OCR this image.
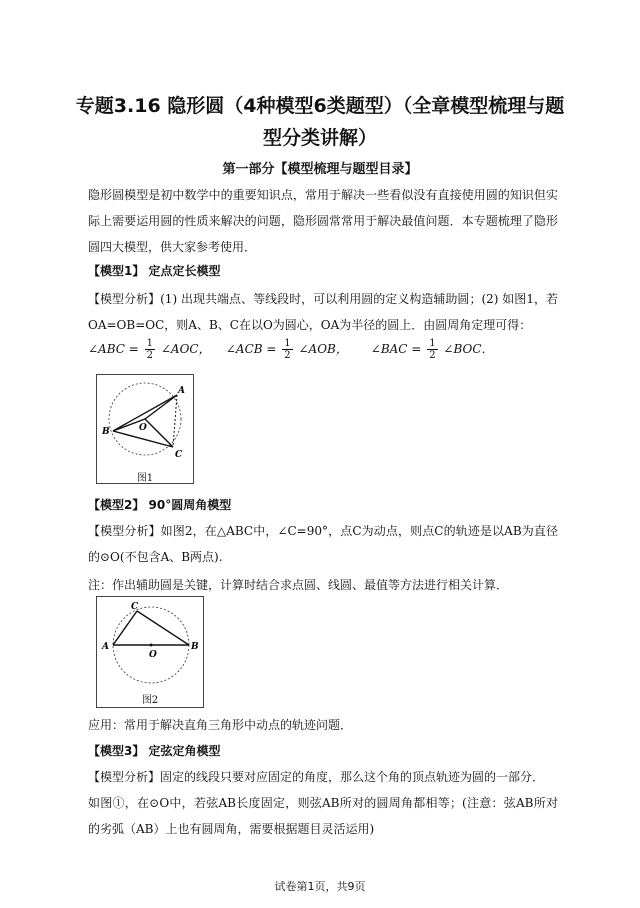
专题3.16 隐形圆（4种模型6类题型）（全章模型梳理与题
型分类讲解）
第一部分【模型梳理与题型目录】
隐形圆模型是初中数学中的重要知识点，常用于解决一些看似没有直接使用圆的知识但实际上需要运用圆的性质来解决的问题，隐形圆常常用于解决最值问题．本专题梳理了隐形圆四大模型，供大家参考使用．
【模型1】 定点定长模型
【模型分析】(1) 出现共端点、等线段时，可以利用圆的定义构造辅助圆；(2) 如图1，若OA=OB=OC，则A、B、C在以O为圆心，OA为半径的圆上．由圆周角定理可得：
∠ABC = $\frac{1}{2}$ ∠AOC， ∠ACB = $\frac{1}{2}$ ∠AOB， ∠BAC = $\frac{1}{2}$ ∠BOC．
A
B
C
O
图1
【模型2】 90°圆周角模型
【模型分析】如图2，在△ABC中，∠C=90°，点C为动点，则点C的轨迹是以AB为直径的⊙O(不包含A、B两点).
注：作出辅助圆是关键，计算时结合求点圆、线圆、最值等方法进行相关计算．
A	B
C
O
图2
应用：常用于解决直角三角形中动点的轨迹问题．
【模型3】 定弦定角模型
【模型分析】固定的线段只要对应固定的角度，那么这个角的顶点轨迹为圆的一部分．
如图①，在⊙O中，若弦AB长度固定，则弦AB所对的圆周角都相等；(注意：弦AB所对的劣弧（AB）上也有圆周角，需要根据题目灵活运用)
试卷第1页，共9页
